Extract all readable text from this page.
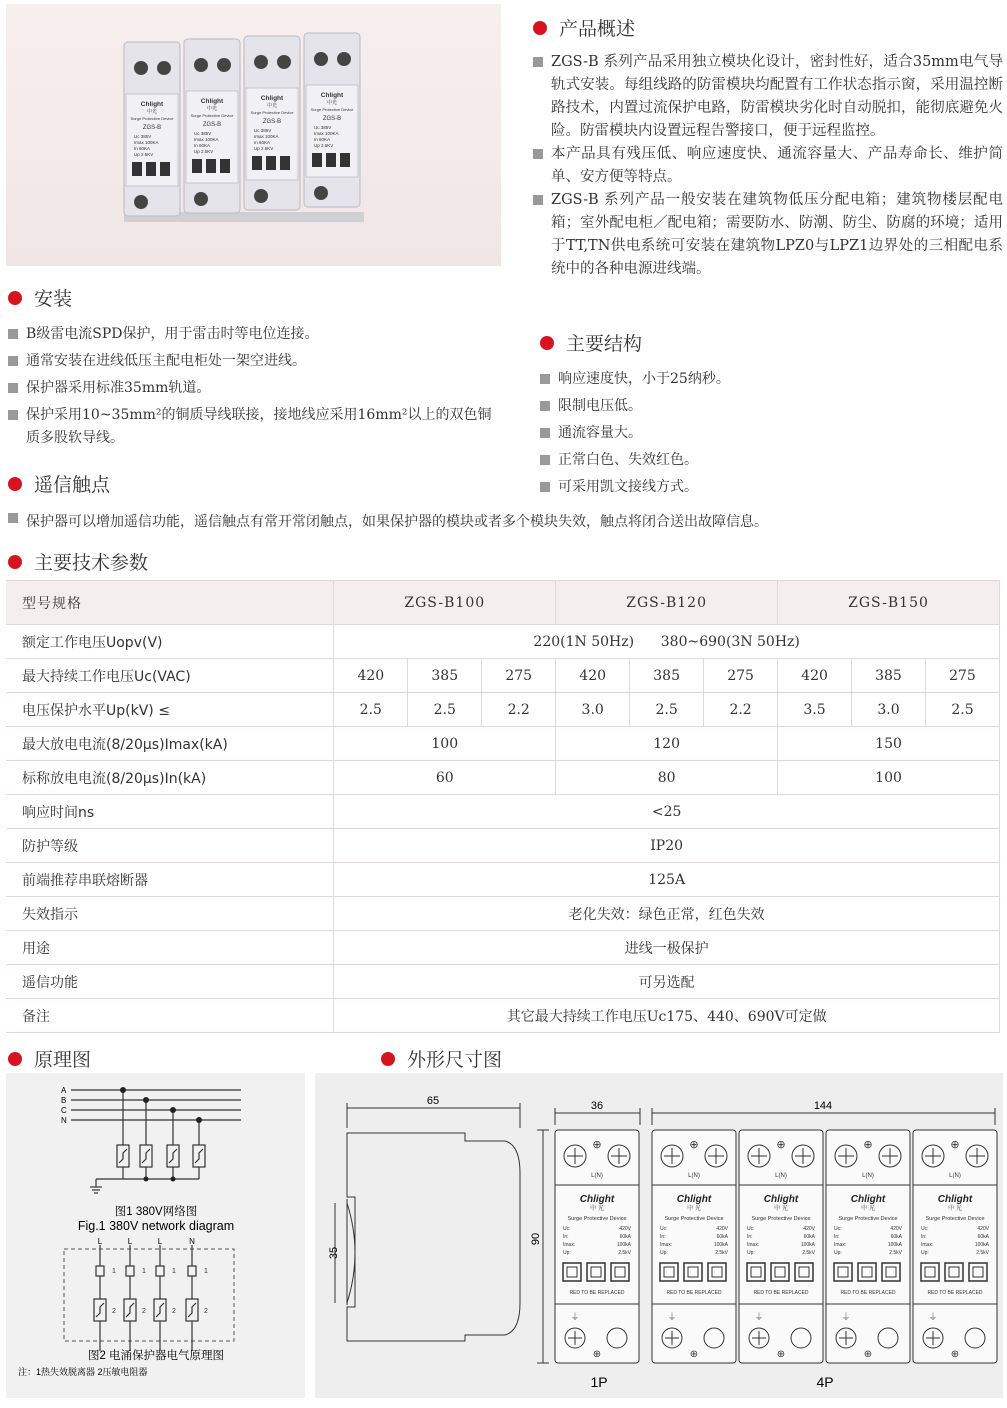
Chlight
中光
Surge Protective Device
ZGS-B
Uc 385V
Imax 100KA
In 60KA
Up 2.5KV
Chlight
中光
Surge Protective Device
ZGS-B
Uc 385V
Imax 100KA
In 60KA
Up 2.5KV
Chlight
中光
Surge Protective Device
ZGS-B
Uc 385V
Imax 100KA
In 60KA
Up 2.5KV
Chlight
中光
Surge Protective Device
ZGS-B
Uc 385V
Imax 100KA
In 60KA
Up 2.5KV
产品概述
ZGS-B 系列产品采用独立模块化设计，密封性好，适合35mm电气导轨式安装。每组线路的防雷模块均配置有工作状态指示窗，采用温控断路技术，内置过流保护电路，防雷模块劣化时自动脱扣，能彻底避免火险。防雷模块内设置远程告警接口，便于远程监控。
本产品具有残压低、响应速度快、通流容量大、产品寿命长、维护简单、安方便等特点。
ZGS-B 系列产品一般安装在建筑物低压分配电箱；建筑物楼层配电箱；室外配电柜／配电箱；需要防水、防潮、防尘、防腐的环境；适用于TT,TN供电系统可安装在建筑物LPZ0与LPZ1边界处的三相配电系统中的各种电源进线端。
安装
B级雷电流SPD保护，用于雷击时等电位连接。
通常安装在进线低压主配电柜处一架空进线。
保护器采用标准35mm轨道。
保护采用10~35mm²的铜质导线联接，接地线应采用16mm²以上的双色铜质多股软导线。
主要结构
响应速度快，小于25纳秒。
限制电压低。
通流容量大。
正常白色、失效红色。
可采用凯文接线方式。
遥信触点
保护器可以增加遥信功能，遥信触点有常开常闭触点，如果保护器的模块或者多个模块失效，触点将闭合送出故障信息。
主要技术参数
型号规格	ZGS-B100			ZGS-B120			ZGS-B150		
额定工作电压Uopv(V)	220(1N 50Hz)      380~690(3N 50Hz)								
最大持续工作电压Uc(VAC)	420	385	275	420	385	275	420	385	275
电压保护水平Up(kV) ≤	2.5	2.5	2.2	3.0	2.5	2.2	3.5	3.0	2.5
最大放电电流(8/20μs)Imax(kA)	100			120			150		
标称放电电流(8/20μs)In(kA)	60			80			100		
响应时间ns	<25								
防护等级	IP20								
前端推荐串联熔断器	125A								
失效指示	老化失效：绿色正常，红色失效								
用途	进线一极保护								
遥信功能	可另选配								
备注	其它最大持续工作电压Uc175、440、690V可定做								
原理图	外形尺寸图
A
B
C
N
图1 380V网络图
Fig.1 380V network diagram
L	L	L	N
1	1	1	1
2	2	2	2
图2 电涌保护器电气原理图
注：1热失效脱离器 2压敏电阻器
65
35
90
36	144
⊕
L(N)
Chlight
中 光
Surge Protective Device
Uc:	420V
In:	60kA
Imax:	100kA
Up:	2.5kV
RED TO BE REPLACED
⏚
⊕
⊕
L(N)
Chlight
中 光
Surge Protective Device
Uc:	420V
In:	60kA
Imax:	100kA
Up:	2.5kV
RED TO BE REPLACED
⏚
⊕
⊕
L(N)
Chlight
中 光
Surge Protective Device
Uc:	420V
In:	60kA
Imax:	100kA
Up:	2.5kV
RED TO BE REPLACED
⏚
⊕
⊕
L(N)
Chlight
中 光
Surge Protective Device
Uc:	420V
In:	60kA
Imax:	100kA
Up:	2.5kV
RED TO BE REPLACED
⏚
⊕
⊕
L(N)
Chlight
中 光
Surge Protective Device
Uc:	420V
In:	60kA
Imax:	100kA
Up:	2.5kV
RED TO BE REPLACED
⏚
⊕
1P	4P
